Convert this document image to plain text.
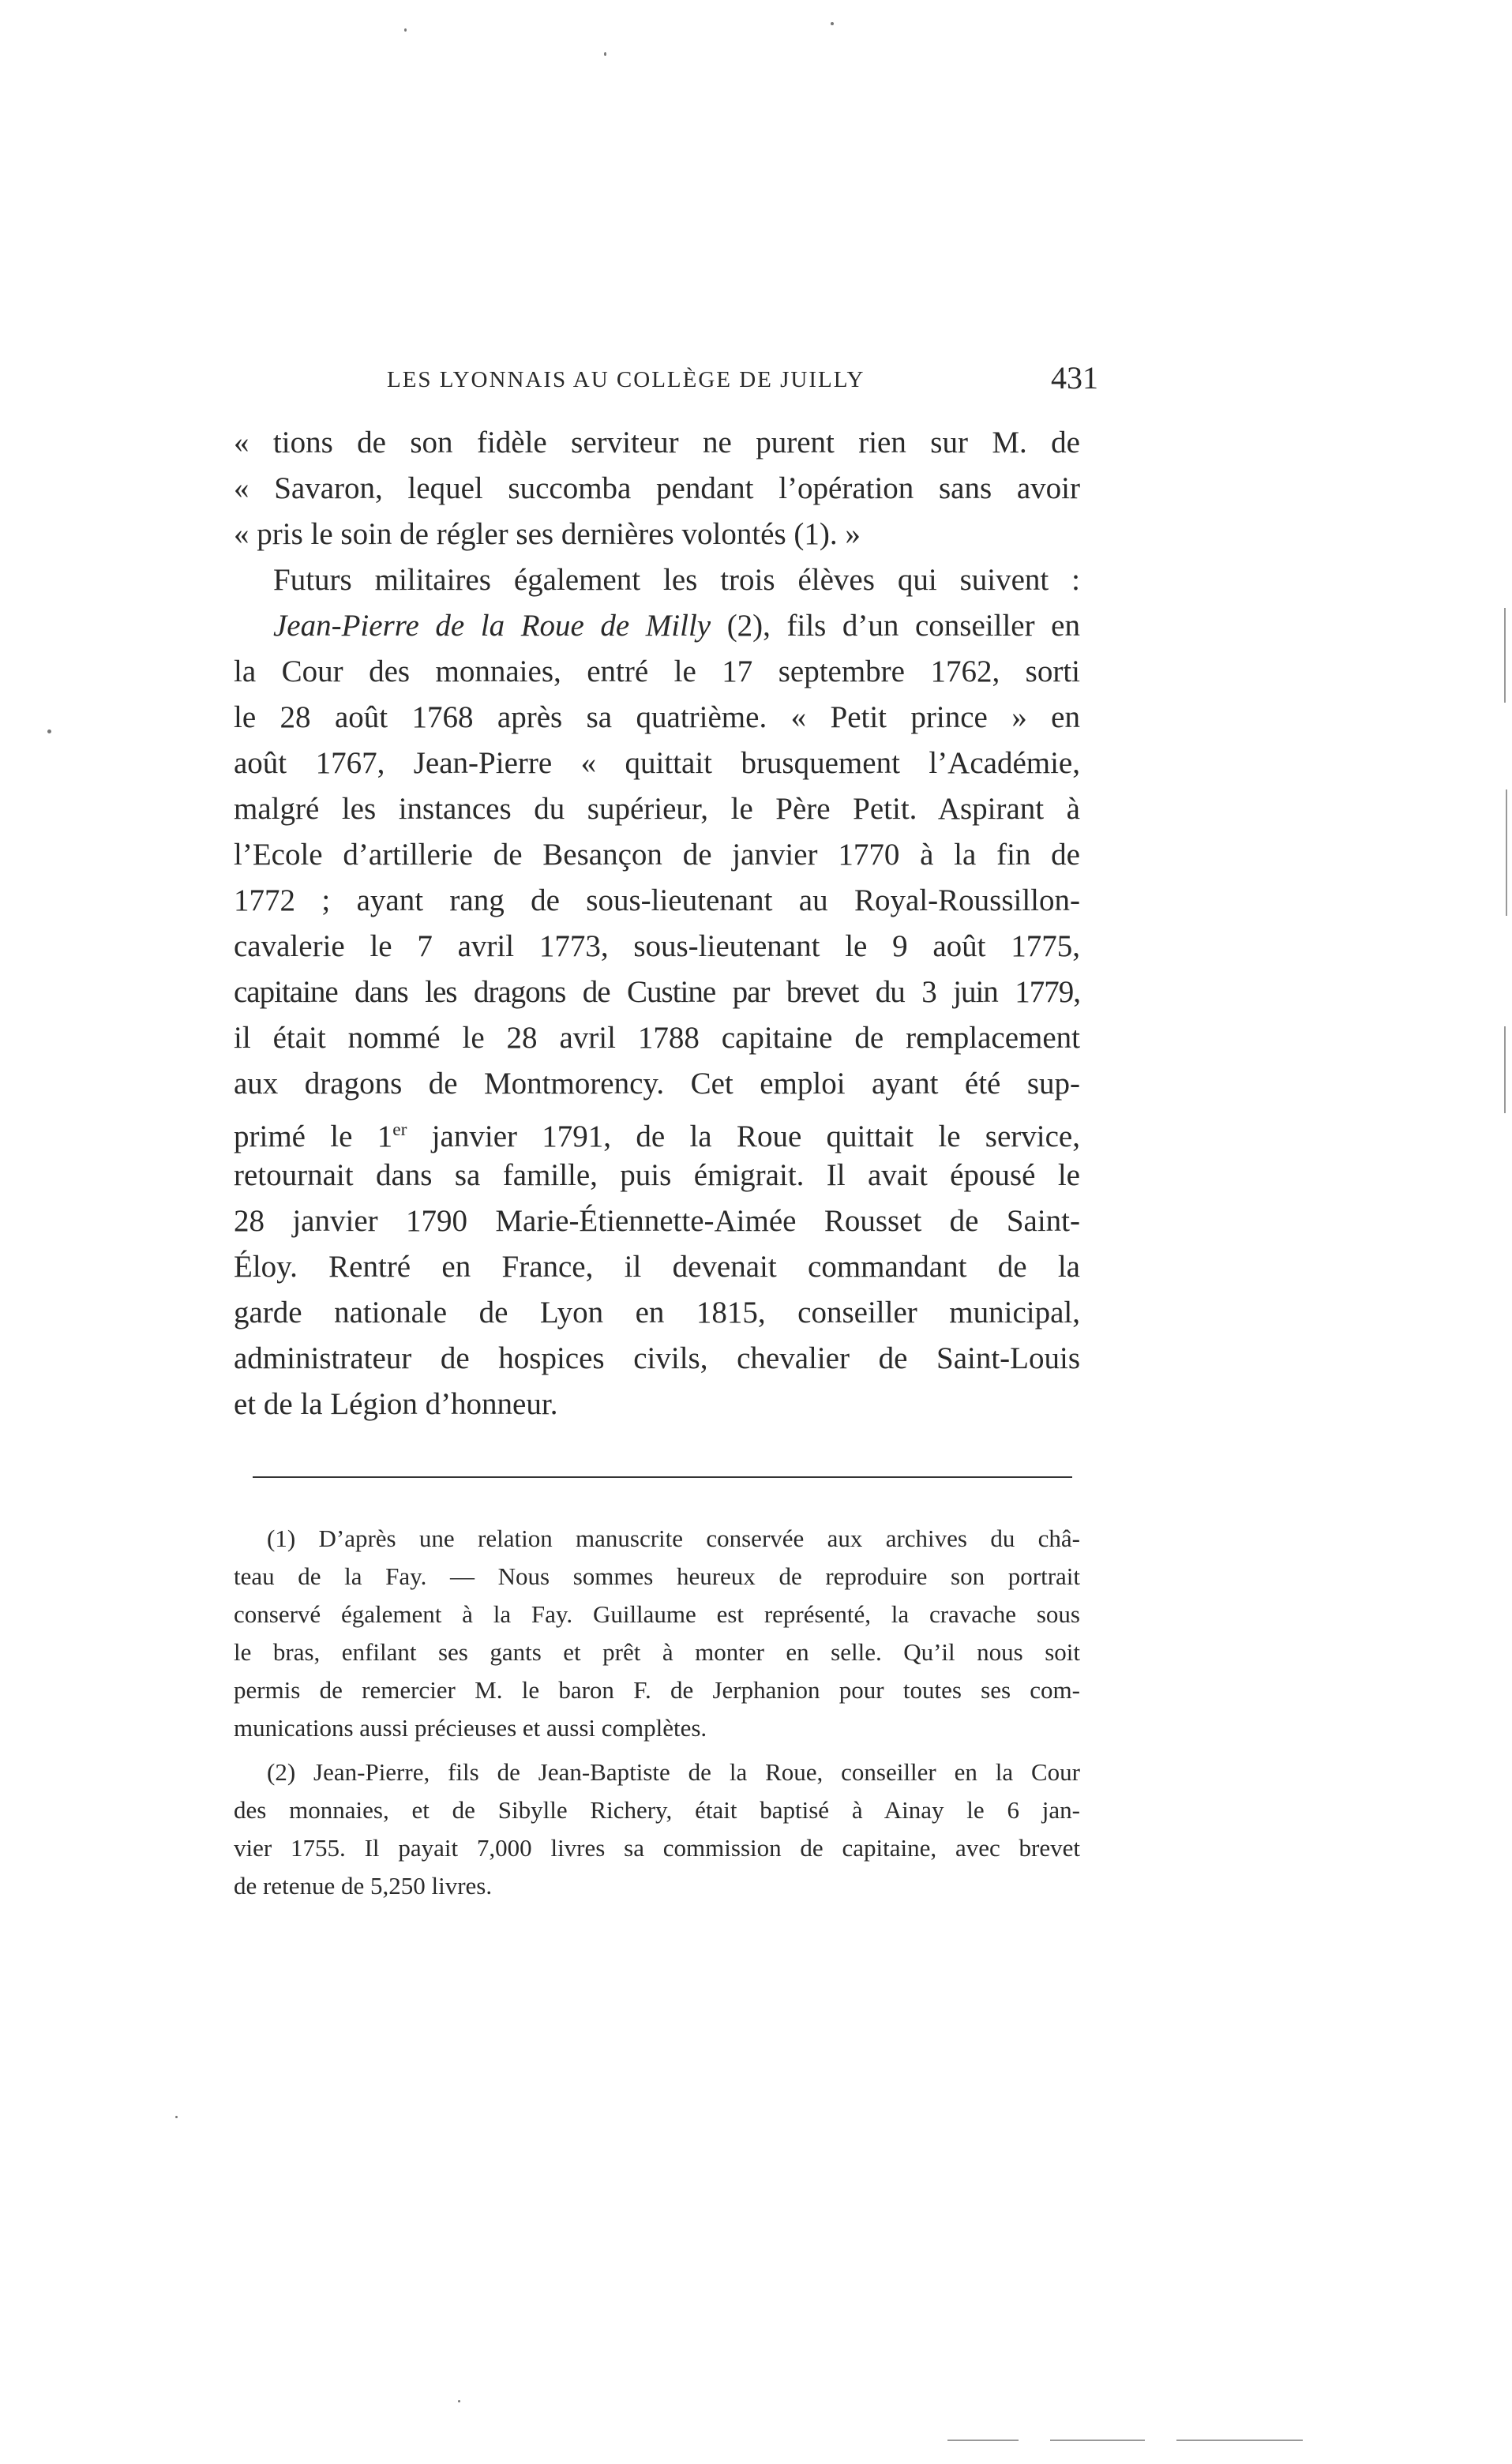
LES LYONNAIS AU COLLÈGE DE JUILLY	431
« tions de son fidèle serviteur ne purent rien sur M. de
« Savaron, lequel succomba pendant l’opération sans avoir
« pris le soin de régler ses dernières volontés (1). »
Futurs militaires également les trois élèves qui suivent :
Jean-Pierre de la Roue de Milly (2), fils d’un conseiller en
la Cour des monnaies, entré le 17 septembre 1762, sorti
le 28 août 1768 après sa quatrième. « Petit prince » en
août 1767, Jean-Pierre « quittait brusquement l’Académie,
malgré les instances du supérieur, le Père Petit. Aspirant à
l’Ecole d’artillerie de Besançon de janvier 1770 à la fin de
1772 ; ayant rang de sous-lieutenant au Royal-Roussillon-
cavalerie le 7 avril 1773, sous-lieutenant le 9 août 1775,
capitaine dans les dragons de Custine par brevet du 3 juin 1779,
il était nommé le 28 avril 1788 capitaine de remplacement
aux dragons de Montmorency. Cet emploi ayant été sup-
primé le 1er janvier 1791, de la Roue quittait le service,
retournait dans sa famille, puis émigrait. Il avait épousé le
28 janvier 1790 Marie-Étiennette-Aimée Rousset de Saint-
Éloy. Rentré en France, il devenait commandant de la
garde nationale de Lyon en 1815, conseiller municipal,
administrateur de hospices civils, chevalier de Saint-Louis
et de la Légion d’honneur.
(1) D’après une relation manuscrite conservée aux archives du châ-
teau de la Fay. — Nous sommes heureux de reproduire son portrait
conservé également à la Fay. Guillaume est représenté, la cravache sous
le bras, enfilant ses gants et prêt à monter en selle. Qu’il nous soit
permis de remercier M. le baron F. de Jerphanion pour toutes ses com-
munications aussi précieuses et aussi complètes.
(2) Jean-Pierre, fils de Jean-Baptiste de la Roue, conseiller en la Cour
des monnaies, et de Sibylle Richery, était baptisé à Ainay le 6 jan-
vier 1755. Il payait 7,000 livres sa commission de capitaine, avec brevet
de retenue de 5,250 livres.
